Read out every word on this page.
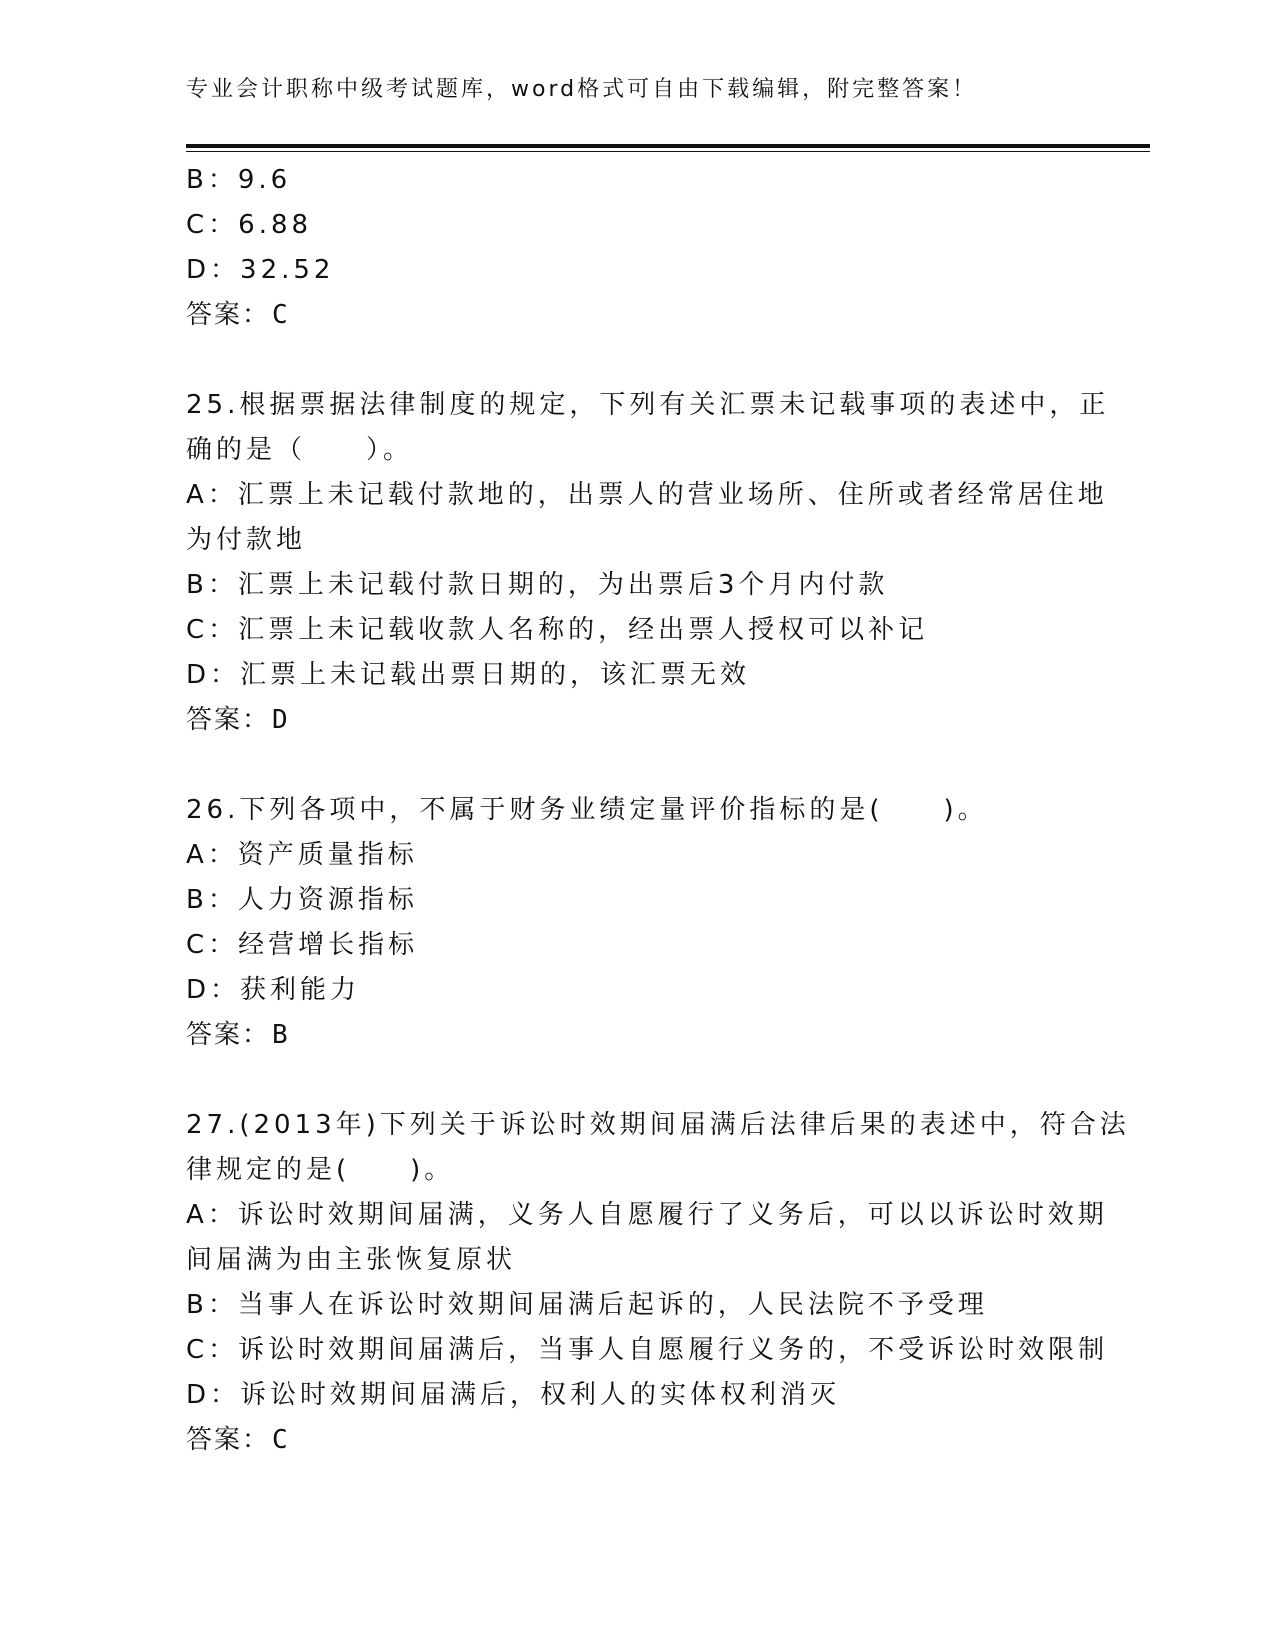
专业会计职称中级考试题库，word格式可自由下载编辑，附完整答案！
B：9.6
C：6.88
D：32.52
答案：C
25.根据票据法律制度的规定，下列有关汇票未记载事项的表述中，正
确的是（　　）。
A：汇票上未记载付款地的，出票人的营业场所、住所或者经常居住地
为付款地
B：汇票上未记载付款日期的，为出票后3个月内付款
C：汇票上未记载收款人名称的，经出票人授权可以补记
D：汇票上未记载出票日期的，该汇票无效
答案：D
26.下列各项中，不属于财务业绩定量评价指标的是(　　)。
A：资产质量指标
B：人力资源指标
C：经营增长指标
D：获利能力
答案：B
27.(2013年)下列关于诉讼时效期间届满后法律后果的表述中，符合法
律规定的是(　　)。
A：诉讼时效期间届满，义务人自愿履行了义务后，可以以诉讼时效期
间届满为由主张恢复原状
B：当事人在诉讼时效期间届满后起诉的，人民法院不予受理
C：诉讼时效期间届满后，当事人自愿履行义务的，不受诉讼时效限制
D：诉讼时效期间届满后，权利人的实体权利消灭
答案：C
